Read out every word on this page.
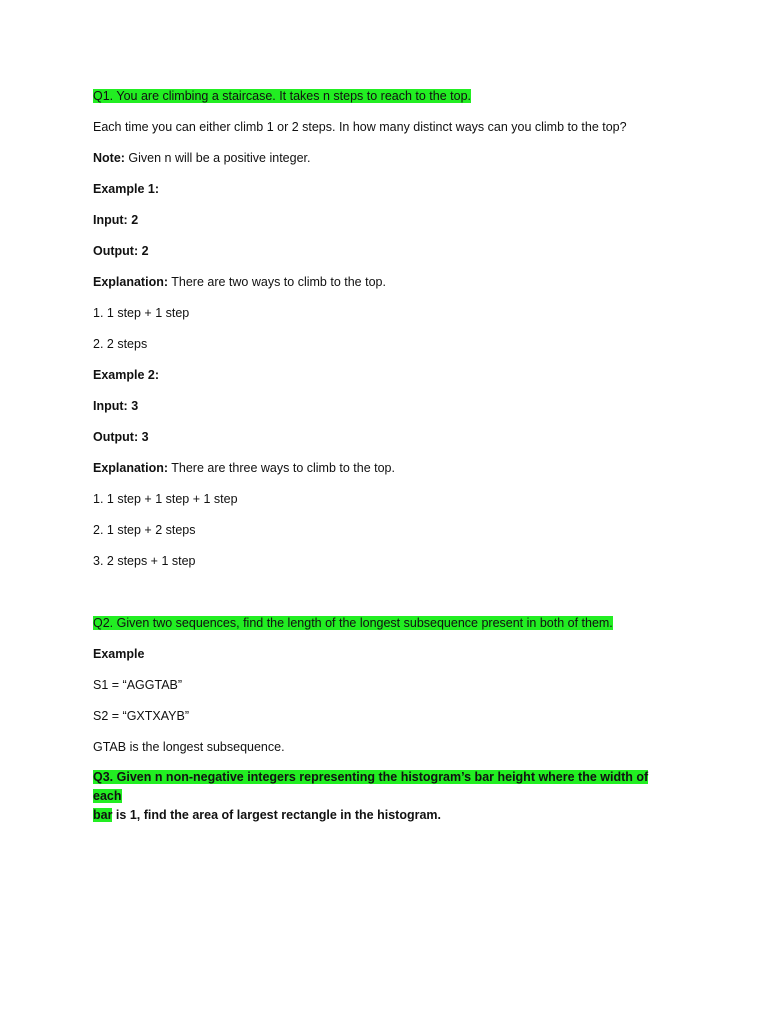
Q1. You are climbing a staircase. It takes n steps to reach to the top.

Each time you can either climb 1 or 2 steps. In how many distinct ways can you climb to the top?

Note: Given n will be a positive integer.

Example 1:

Input: 2

Output: 2

Explanation: There are two ways to climb to the top.

1. 1 step + 1 step

2. 2 steps

Example 2:

Input: 3

Output: 3

Explanation: There are three ways to climb to the top.

1. 1 step + 1 step + 1 step

2. 1 step + 2 steps

3. 2 steps + 1 step

Q2. Given two sequences, find the length of the longest subsequence present in both of them.

Example

S1 = “AGGTAB”

S2 = “GXTXAYB”

GTAB is the longest subsequence.

Q3. Given n non-negative integers representing the histogram’s bar height where the width of each
bar is 1, find the area of largest rectangle in the histogram.
